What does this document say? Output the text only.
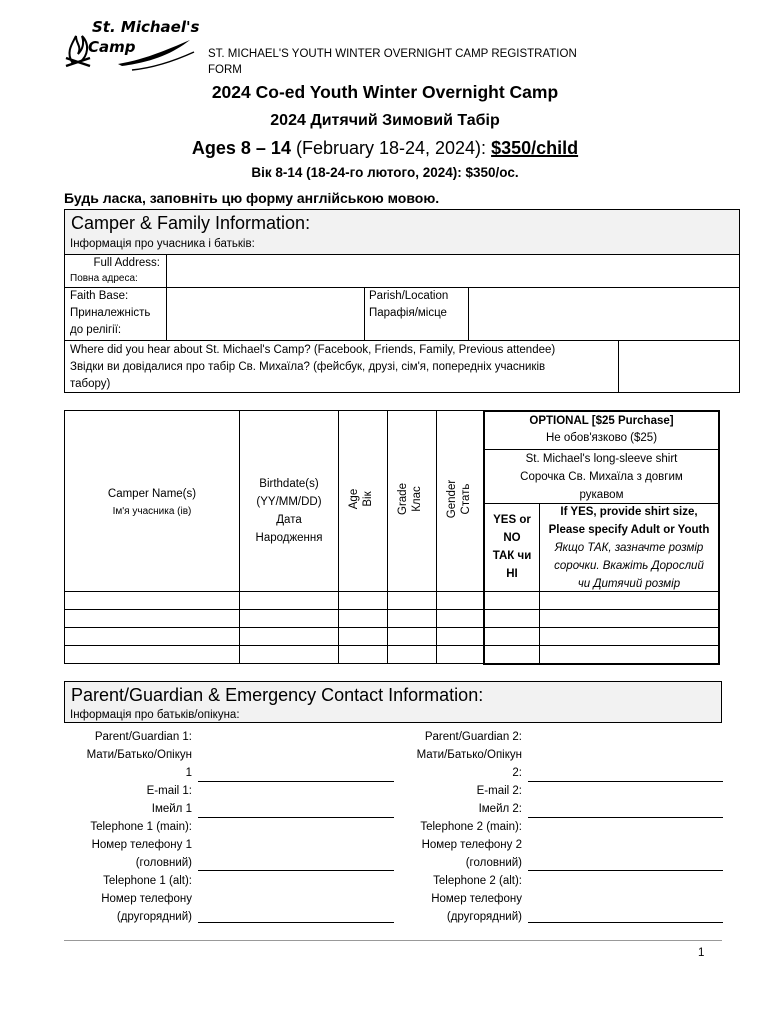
St. Michael's
Camp	ST. MICHAEL'S YOUTH WINTER OVERNIGHT CAMP REGISTRATION FORM
2024 Co-ed Youth Winter Overnight Camp
2024 Дитячий Зимовий Табір
Ages 8 – 14 (February 18-24, 2024): $350/child
Вік 8-14 (18-24-го лютого, 2024): $350/ос.
Будь ласка, заповніть цю форму англійською мовою.
Camper & Family Information:
Інформація про учасника і батьків:
Full Address:
Повна адреса:
Faith Base:
Приналежність
до релігії:
Parish/Location
Парафія/місце
Where did you hear about St. Michael's Camp? (Facebook, Friends, Family, Previous attendee)
Звідки ви довідалися про табір Св. Михаїла? (фейсбук, друзі, сім'я, попередніх учасників
табору)
Camper Name(s)
Ім'я учасника (ів)
Birthdate(s)
(YY/MM/DD)
Дата
Народження
Age Вік Grade Клас Gender Стать
OPTIONAL [$25 Purchase]
Не обов'язково ($25)
St. Michael's long-sleeve shirt
Сорочка Св. Михаїла з довгим
рукавом
YES or
NO
ТАК чи
НІ
If YES, provide shirt size,
Please specify Adult or Youth
Якщо ТАК, зазначте розмір
сорочки. Вкажіть Дорослий
чи Дитячий розмір
Parent/Guardian & Emergency Contact Information:
Інформація про батьків/опікуна:
Parent/Guardian 1:
Мати/Батько/Опікун
1
E-mail 1:
Імейл 1
Telephone 1 (main):
Номер телефону 1
(головний)
Telephone 1 (alt):
Номер телефону
(другорядний)
Parent/Guardian 2:
Мати/Батько/Опікун
2:
E-mail 2:
Імейл 2:
Telephone 2 (main):
Номер телефону 2
(головний)
Telephone 2 (alt):
Номер телефону
(другорядний)
1
